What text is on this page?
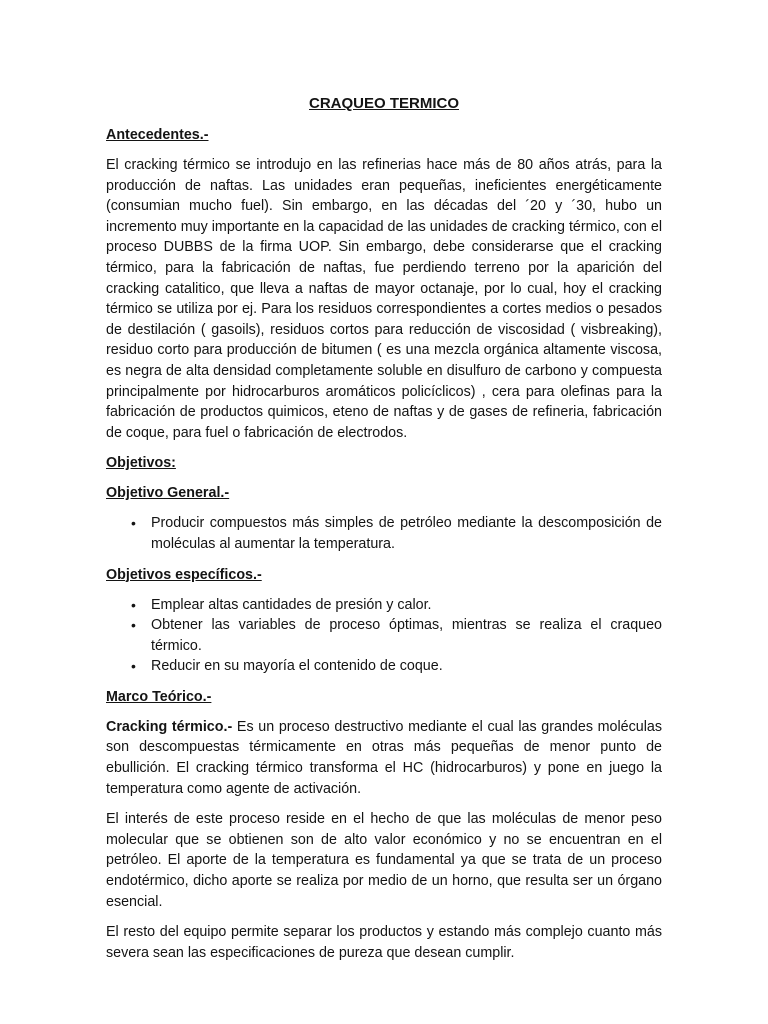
CRAQUEO TERMICO
Antecedentes.-

El cracking térmico se introdujo en las refinerias hace más de 80 años atrás, para la producción de naftas. Las unidades eran pequeñas, ineficientes energéticamente (consumian mucho fuel). Sin embargo, en las décadas del ´20 y ´30, hubo un incremento muy importante en la capacidad de las unidades de cracking térmico, con el proceso DUBBS de la firma UOP. Sin embargo, debe considerarse que el cracking térmico, para la fabricación de naftas, fue perdiendo terreno por la aparición del cracking catalitico, que lleva a naftas de mayor octanaje, por lo cual, hoy el cracking térmico se utiliza por ej. Para los residuos correspondientes a cortes medios o pesados de destilación ( gasoils), residuos cortos para reducción de viscosidad ( visbreaking), residuo corto para producción de bitumen ( es una mezcla orgánica altamente viscosa, es negra de alta densidad completamente soluble en disulfuro de carbono y compuesta principalmente por hidrocarburos aromáticos policíclicos) , cera para olefinas para la fabricación de productos quimicos, eteno de naftas y de gases de refineria, fabricación de coque, para fuel o fabricación de electrodos.

Objetivos:
Objetivo General.-
• Producir compuestos más simples de petróleo mediante la descomposición de moléculas al aumentar la temperatura.
Objetivos específicos.-
• Emplear altas cantidades de presión y calor.
• Obtener las variables de proceso óptimas, mientras se realiza el craqueo térmico.
• Reducir en su mayoría el contenido de coque.
Marco Teórico.-

Cracking térmico.- Es un proceso destructivo mediante el cual las grandes moléculas son descompuestas térmicamente en otras más pequeñas de menor punto de ebullición. El cracking térmico transforma el HC (hidrocarburos) y pone en juego la temperatura como agente de activación.

El interés de este proceso reside en el hecho de que las moléculas de menor peso molecular que se obtienen son de alto valor económico y no se encuentran en el petróleo. El aporte de la temperatura es fundamental ya que se trata de un proceso endotérmico, dicho aporte se realiza por medio de un horno, que resulta ser un órgano esencial.

El resto del equipo permite separar los productos y estando más complejo cuanto más severa sean las especificaciones de pureza que desean cumplir.
